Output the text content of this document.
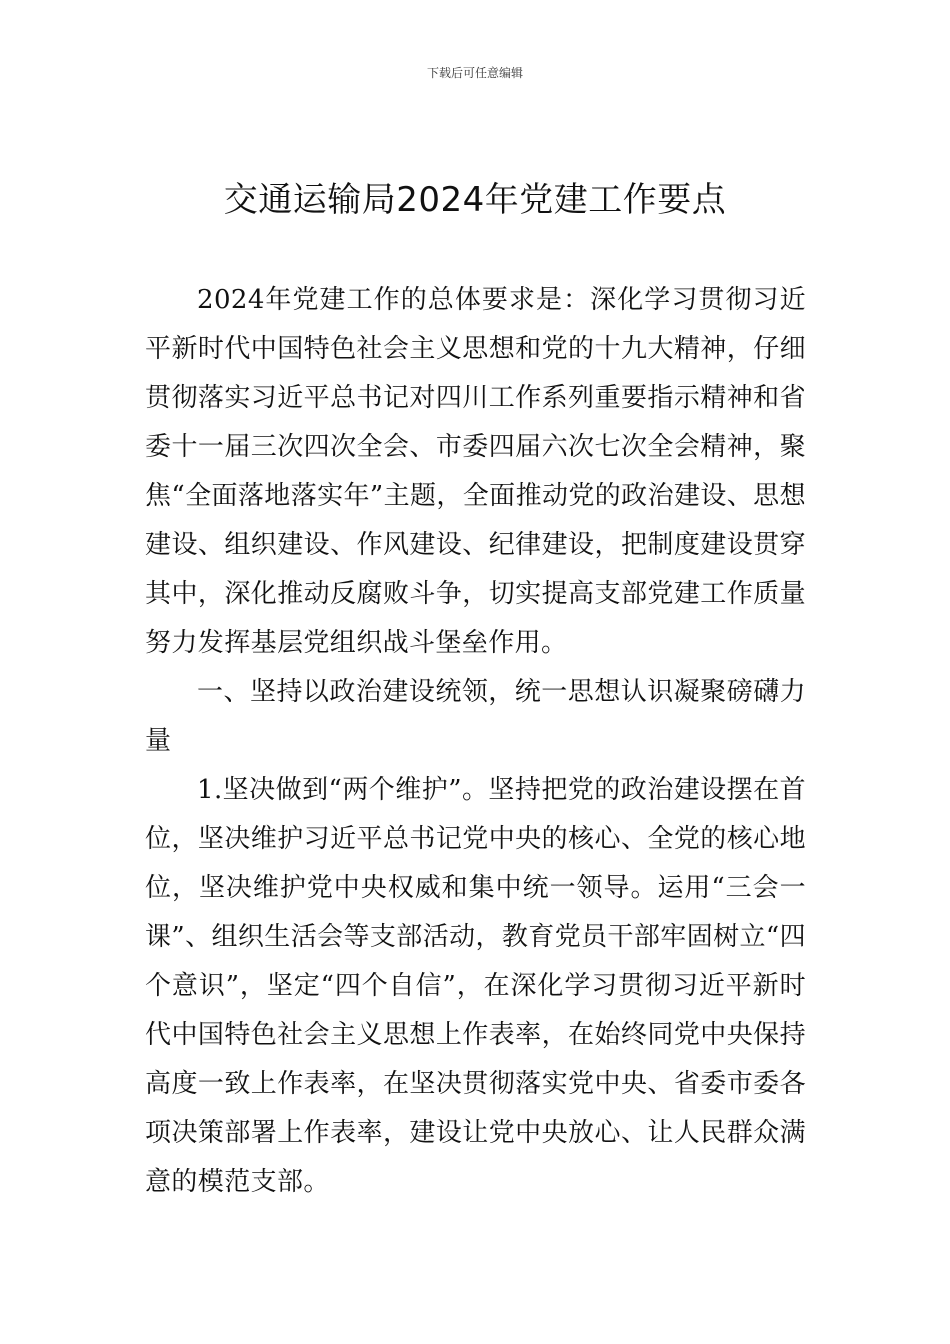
下载后可任意编辑
交通运输局2024年党建工作要点

2024年党建工作的总体要求是：深化学习贯彻习近平新时代中国特色社会主义思想和党的十九大精神，仔细贯彻落实习近平总书记对四川工作系列重要指示精神和省委十一届三次四次全会、市委四届六次七次全会精神，聚焦“全面落地落实年”主题，全面推动党的政治建设、思想建设、组织建设、作风建设、纪律建设，把制度建设贯穿其中，深化推动反腐败斗争，切实提高支部党建工作质量努力发挥基层党组织战斗堡垒作用。

一、坚持以政治建设统领，统一思想认识凝聚磅礴力量

1.坚决做到“两个维护”。坚持把党的政治建设摆在首位，坚决维护习近平总书记党中央的核心、全党的核心地位，坚决维护党中央权威和集中统一领导。运用“三会一课”、组织生活会等支部活动，教育党员干部牢固树立“四个意识”，坚定“四个自信”，在深化学习贯彻习近平新时代中国特色社会主义思想上作表率，在始终同党中央保持高度一致上作表率，在坚决贯彻落实党中央、省委市委各项决策部署上作表率，建设让党中央放心、让人民群众满意的模范支部。
